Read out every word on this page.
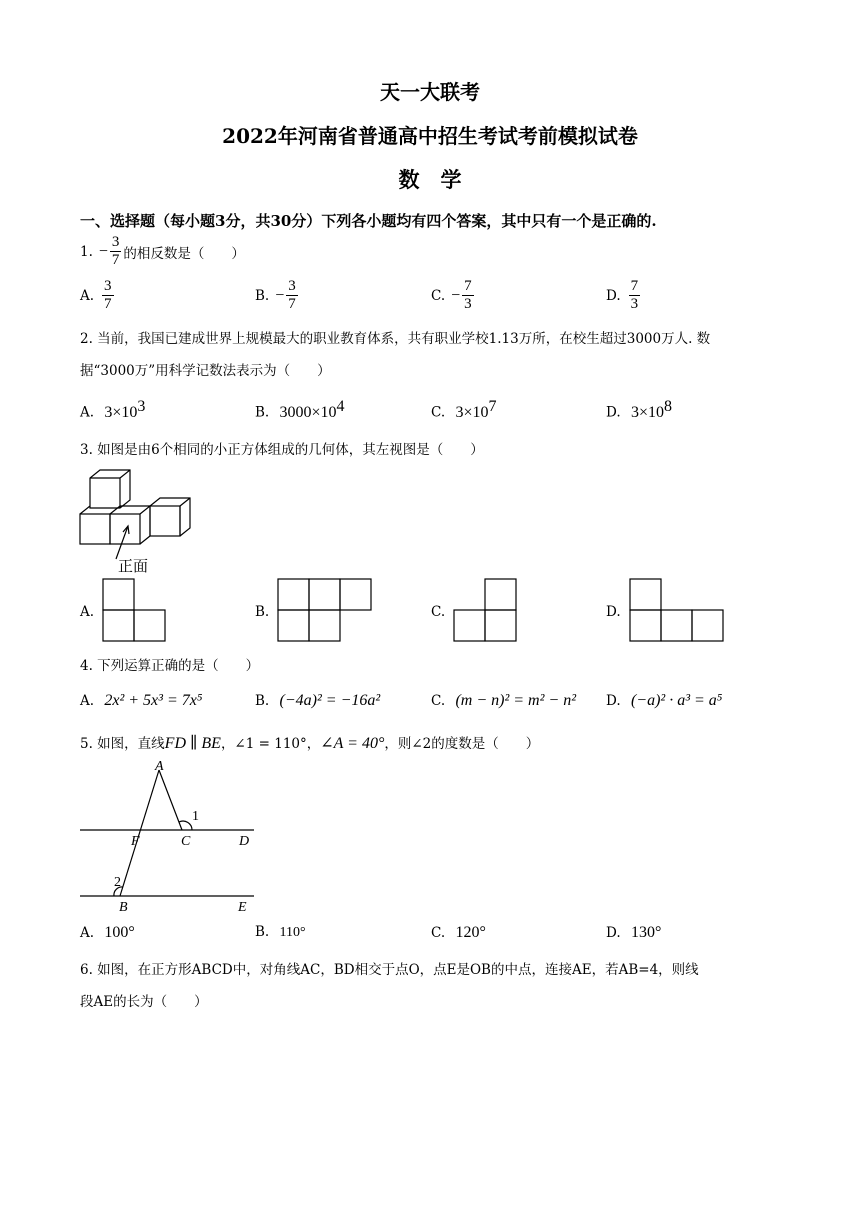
天一大联考
2022年河南省普通高中招生考试考前模拟试卷
数　学
一、选择题（每小题3分，共30分）下列各小题均有四个答案，其中只有一个是正确的.
1. − $\frac{3}{7}$ 的相反数是（　　）
A. $\frac{3}{7}$	B. − $\frac{3}{7}$	C. − $\frac{7}{3}$	D. $\frac{7}{3}$
2. 当前，我国已建成世界上规模最大的职业教育体系，共有职业学校1.13万所，在校生超过3000万人. 数
据“3000万”用科学记数法表示为（　　）
A. $3\times 10^3$	B. $3000\times 10^4$	C. $3\times 10^7$	D. $3\times 10^8$
3. 如图是由6个相同的小正方体组成的几何体，其左视图是（　　）
正面
A.	B.	C.	D.
4. 下列运算正确的是（　　）
A. 2x² + 5x³ = 7x⁵	B. (−4a)² = −16a²	C. (m − n)² = m² − n² D. (−a)² · a³ = a⁵
5. 如图，直线FD ∥ BE，∠1 = 110°，∠A = 40°，则∠2的度数是（　　）
A
F	C	D
B	E
1
2
A. 100°	B. 110°	C. 120°	D. 130°
6. 如图，在正方形ABCD中，对角线AC，BD相交于点O，点E是OB的中点，连接AE，若AB=4，则线
段AE的长为（　　）
